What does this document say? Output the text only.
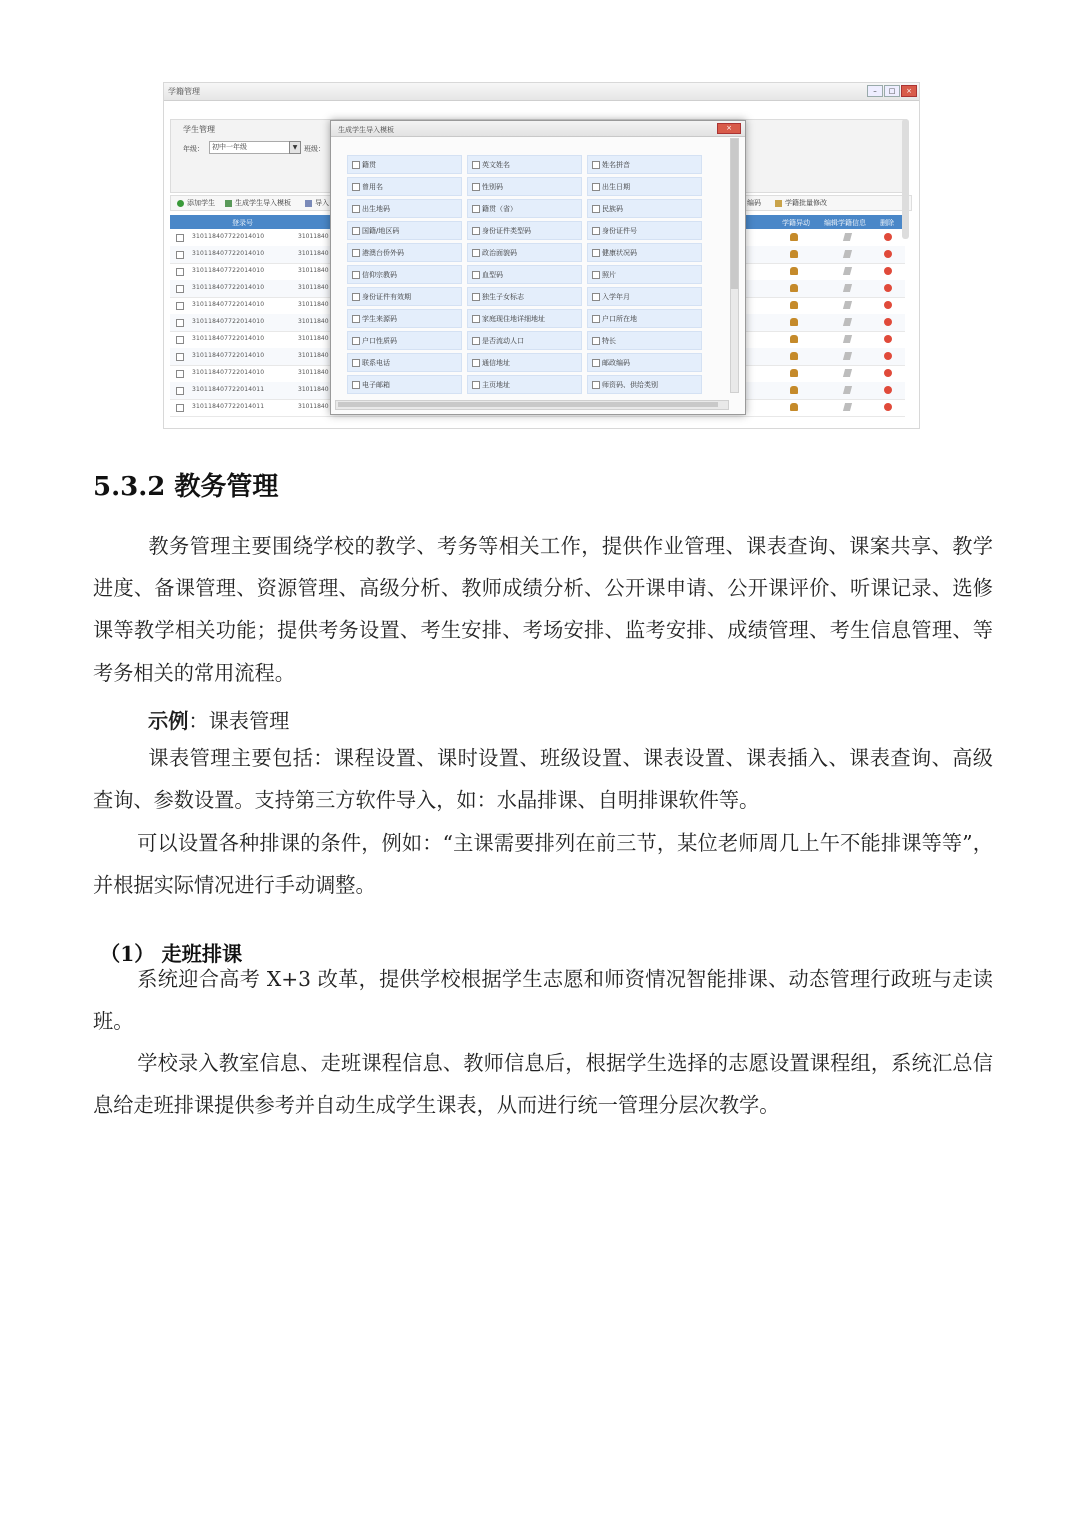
学籍管理	–	□	×
学生管理
年级：	初中一年级	▼ 班级：
添加学生	生成学生导入模板	导入	编码	学籍批量修改
登录号	学籍异动 编辑学籍信息 删除
310118407722014010	31011840
310118407722014010	31011840
310118407722014010	31011840
310118407722014010	31011840
310118407722014010	31011840
310118407722014010	31011840
310118407722014010	31011840
310118407722014010	31011840
310118407722014010	31011840
310118407722014011	31011840
310118407722014011	31011840
生成学生导入模板	×
籍贯	英文姓名	姓名拼音
曾用名	性别码	出生日期
出生地码	籍贯（省）	民族码
国籍/地区码	身份证件类型码	身份证件号
港澳台侨外码	政治面貌码	健康状况码
信仰宗教码	血型码	照片
身份证件有效期	独生子女标志	入学年月
学生来源码	家庭现住地详细地址	户口所在地
户口性质码	是否流动人口	特长
联系电话	通信地址	邮政编码
电子邮箱	主页地址	师资码、供给类别
5.3.2 教务管理

教务管理主要围绕学校的教学、考务等相关工作，提供作业管理、课表查询、课案共享、教学进度、备课管理、资源管理、高级分析、教师成绩分析、公开课申请、公开课评价、听课记录、选修课等教学相关功能；提供考务设置、考生安排、考场安排、监考安排、成绩管理、考生信息管理、等考务相关的常用流程。

示例：课表管理

课表管理主要包括：课程设置、课时设置、班级设置、课表设置、课表插入、课表查询、高级查询、参数设置。支持第三方软件导入，如：水晶排课、自明排课软件等。

可以设置各种排课的条件，例如：“主课需要排列在前三节，某位老师周几上午不能排课等等”，并根据实际情况进行手动调整。

（1） 走班排课

系统迎合高考 X+3 改革，提供学校根据学生志愿和师资情况智能排课、动态管理行政班与走读班。

学校录入教室信息、走班课程信息、教师信息后，根据学生选择的志愿设置课程组，系统汇总信息给走班排课提供参考并自动生成学生课表，从而进行统一管理分层次教学。
